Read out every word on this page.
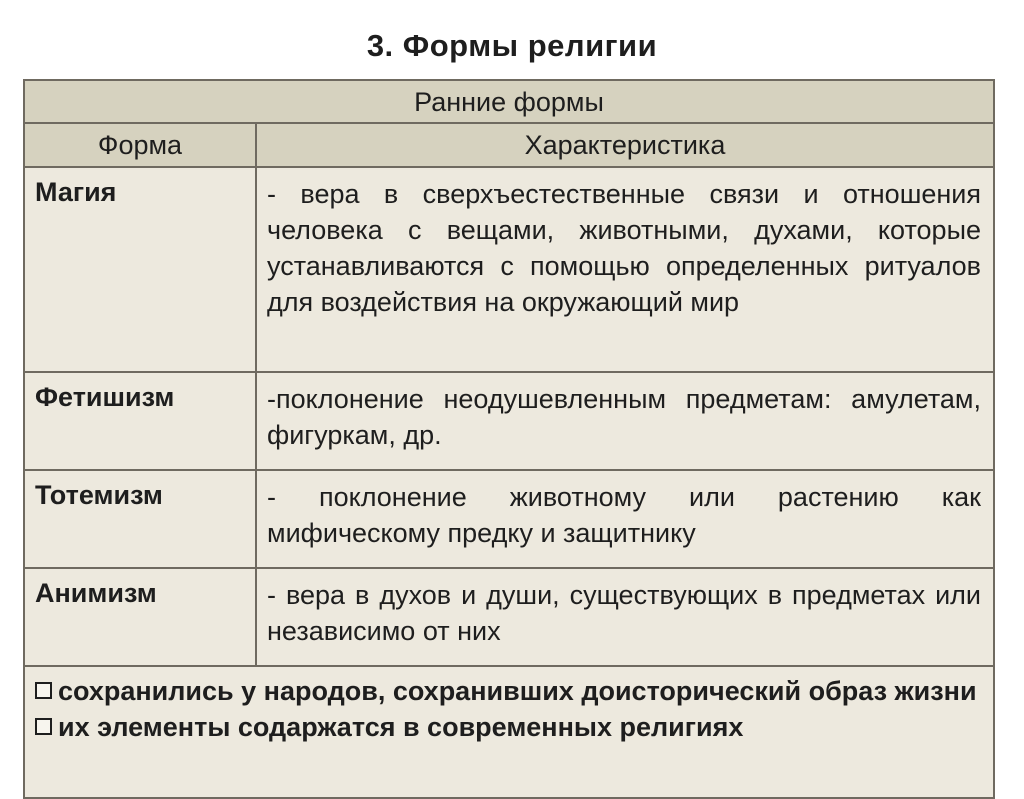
3. Формы религии
Ранние формы	
Форма	Характеристика
Магия	- вера в сверхъестественные связи и отношения человека с вещами, животными, духами, которые устанавливаются с помощью определенных ритуалов для воздействия на окружающий мир
Фетишизм	-поклонение неодушевленным предметам: амулетам, фигуркам, др.
Тотемизм	- поклонение животному или растению как мифическому предку и защитнику
Анимизм	- вера в духов и души, существующих в предметах или независимо от них

сохранились у народов, сохранивших доисторический образ жизни
их элементы содаржатся в современных религиях	
